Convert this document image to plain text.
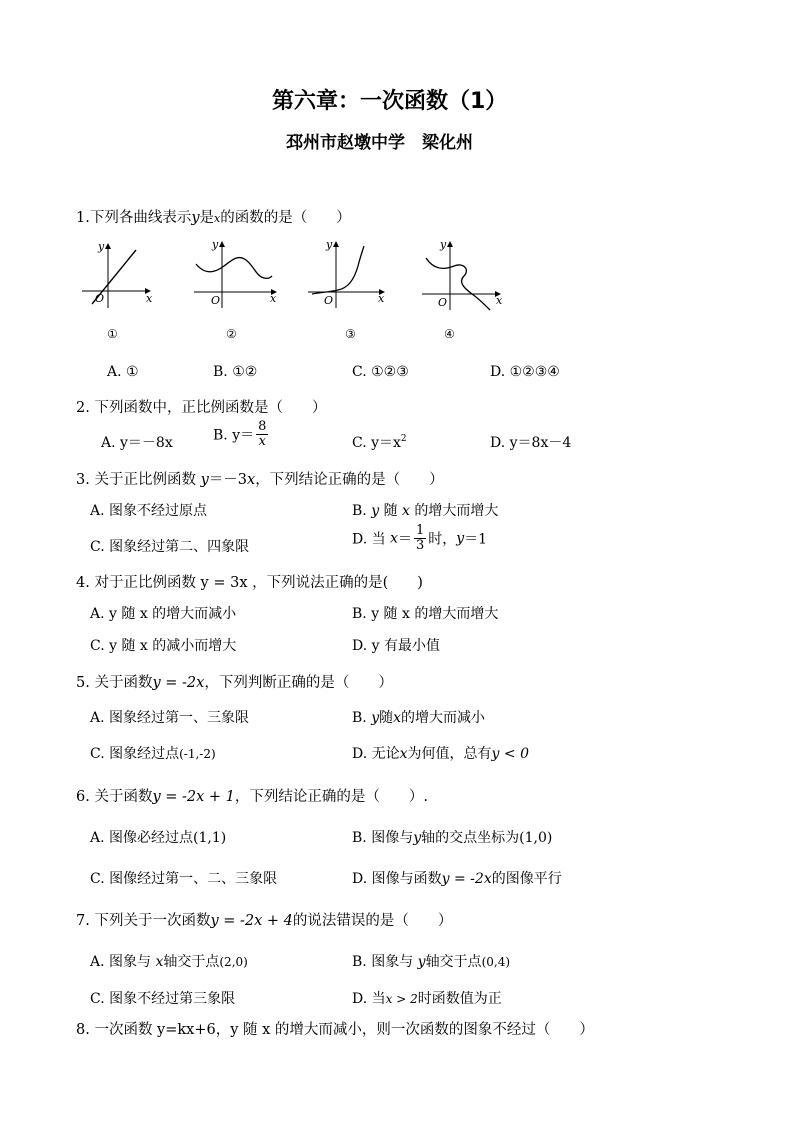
第六章：一次函数（1）
邳州市赵墩中学　梁化州
1.下列各曲线表示y是x的函数的是（　　）
x
y
O
①
x
y
O
②
x
y
O
③
x
y
O
④
A. ①	B. ①②	C. ①②③	D. ①②③④
2. 下列函数中，正比例函数是（　　）
A. y＝－8x	B. $y= \frac{8}{x}$	C. $y=x^2$	D. y＝8x－4
3. 关于正比例函数 y＝－3x，下列结论正确的是（　　）
A. 图象不经过原点	B. y 随 x 的增大而增大
C. 图象经过第二、四象限	D. 当 $x= \frac{1}{3}$ 时，y＝1
4. 对于正比例函数 y = 3x ，下列说法正确的是(　　)
A. y 随 x 的增大而减小	B. y 随 x 的增大而增大
C. y 随 x 的减小而增大	D. y 有最小值
5. 关于函数y = -2x，下列判断正确的是（　　）
A. 图象经过第一、三象限	B. y随x的增大而减小
C. 图象经过点(-1,-2)	D. 无论x为何值，总有y < 0
6. 关于函数y = -2x + 1，下列结论正确的是（　　）.
A. 图像必经过点(1,1)	B. 图像与y轴的交点坐标为(1,0)
C. 图像经过第一、二、三象限	D. 图像与函数y = -2x的图像平行
7. 下列关于一次函数y = -2x + 4的说法错误的是（　　）
A. 图象与 x轴交于点(2,0)	B. 图象与 y轴交于点(0,4)
C. 图象不经过第三象限	D. 当x > 2时函数值为正
8. 一次函数 y=kx+6，y 随 x 的增大而减小，则一次函数的图象不经过（　　）
